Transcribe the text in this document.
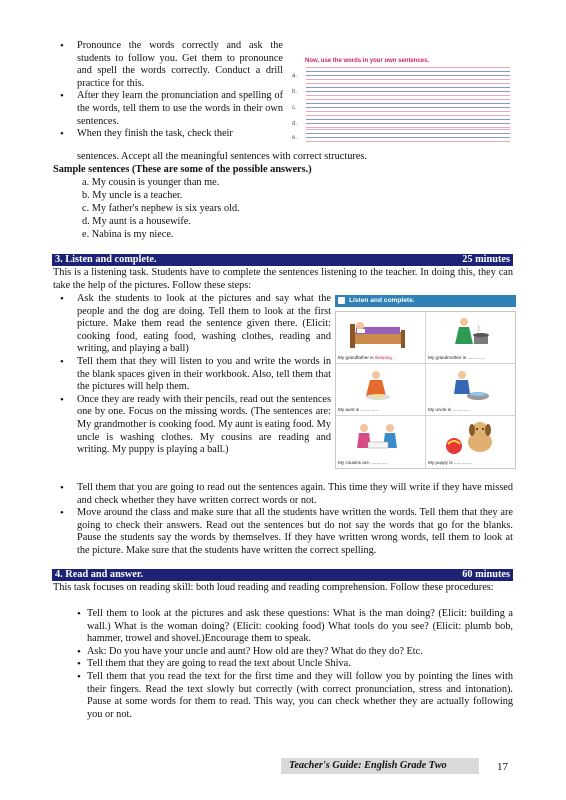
• Pronounce the words correctly and ask the students to follow you. Get them to pronounce and spell the words correctly. Conduct a drill practice for this.

• After they learn the pronunciation and spelling of the words, tell them to use the words in their own sentences.

• When they finish the task, check their

sentences. Accept all the meaningful sentences with correct structures.

Sample sentences (These are some of the possible answers.)

a. My cousin is younger than me.
b. My uncle is a teacher.
c. My father's nephew is six years old.
d. My aunt is a housewife.
e. Nabina is my niece.
Now, use the words in your own sentences.
a.
b.
c.
d.
e.
3. Listen and complete.	25 minutes

This is a listening task. Students have to complete the sentences listening to the teacher. In doing this, they can take the help of the pictures. Follow these steps:

• Ask the students to look at the pictures and say what the people and the dog are doing. Tell them to look at the first picture. Make them read the sentence given there. (Elicit: cooking food, eating food, washing clothes, reading and writing, and playing a ball)

• Tell them that they will listen to you and write the words in the blank spaces given in their workbook. Also, tell them that the pictures will help them.

• Once they are ready with their pencils, read out the sentences one by one. Focus on the missing words. (The sentences are: My grandmother is cooking food. My aunt is eating food. My uncle is washing clothes. My cousins are reading and writing. My puppy is playing a ball.)

• Tell them that you are going to read out the sentences again. This time they will write if they have missed and check whether they have written correct words or not.

• Move around the class and make sure that all the students have written the words. Tell them that they are going to check their answers. Read out the sentences but do not say the words that go for the blanks. Pause the students say the words by themselves. If they have written wrong words, tell them to look at the picture. Make sure that the students have written the correct spelling.

Listen and complete.
My grandfather is sleeping.	My grandmother is ..............
My aunt is ..............	My uncle is ..............
My cousins are ..............	My puppy is ..............
4. Read and answer.	60 minutes

This task focuses on reading skill: both loud reading and reading comprehension. Follow these procedures:

• Tell them to look at the pictures and ask these questions: What is the man doing? (Elicit: building a wall.) What is the woman doing? (Elicit: cooking food) What tools do you see? (Elicit: plumb bob, hammer, trowel and shovel.)Encourage them to speak.

• Ask: Do you have your uncle and aunt? How old are they? What do they do? Etc.

• Tell them that they are going to read the text about Uncle Shiva.

• Tell them that you read the text for the first time and they will follow you by pointing the lines with their fingers. Read the text slowly but correctly (with correct pronunciation, stress and intonation). Pause at some words for them to read. This way, you can check whether they are actually following you or not.

Teacher's Guide: English Grade Two	17
